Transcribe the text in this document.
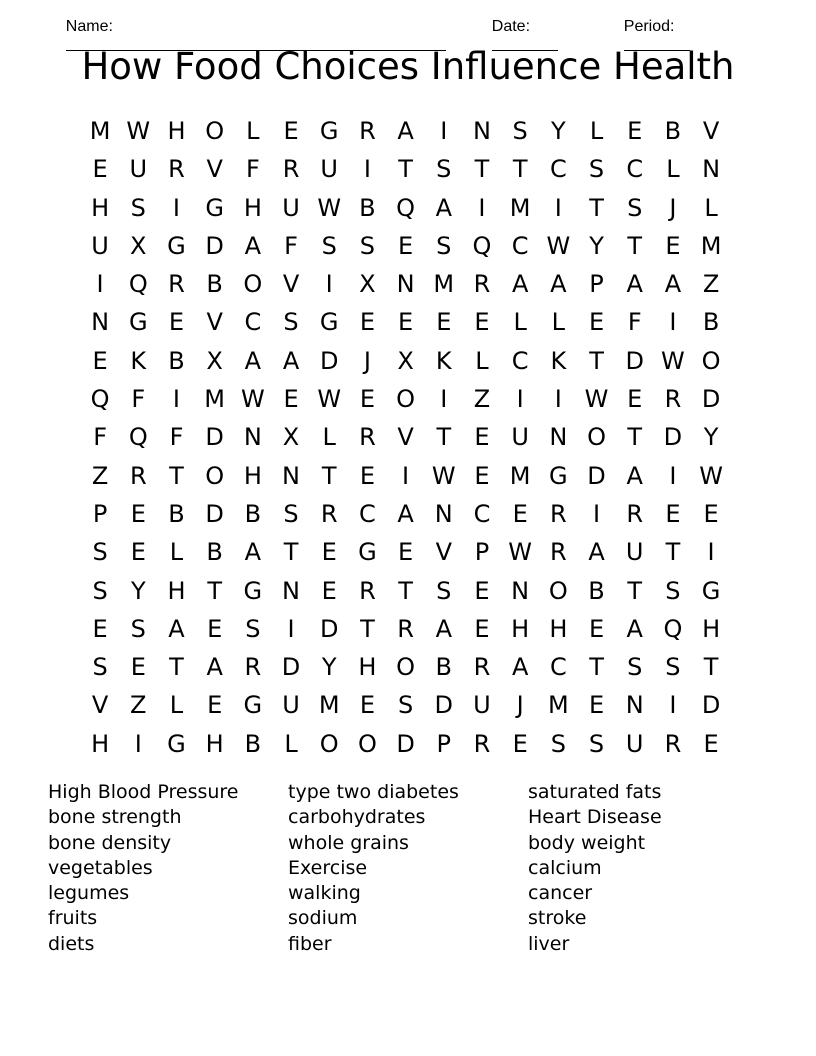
Name:

	Date:

	Period:

How Food Choices Influence Health
M W H O L E G R A	I	N S Y	L E B V
E U R V F R U	I	T S T T C S C L N
H S	I	G H U W B Q A	I	M	I	T S	J	L
U X G D A F S S E S Q C W Y T E M
I	Q R B O V	I	X N M R A A P A A Z
N G E V C S G E E E E L	L E F	I	B
E K B X A A D	J	X K L C K T D W O
Q F	I	M W E W E O	I	Z	I	I W E R D
F Q F D N X L R V T E U N O T D Y
Z R T O H N T E	I W E M G D A	I W
P E B D B S R C A N C E R	I	R E E
S E L B A T E G E V P W R A U T	I
S Y H T G N E R T S E N O B T S G
E S A E S	I	D T R A E H H E A Q H
S E T A R D Y H O B R A C T S S T
V Z L E G U M E S D U	J	M E N	I	D
H	I	G H B L O O D P R E S S U R E
High Blood Pressure
bone strength
bone density
vegetables
legumes
fruits
diets
type two diabetes
carbohydrates
whole grains
Exercise
walking
sodium
fiber
saturated fats
Heart Disease
body weight
calcium
cancer
stroke
liver
